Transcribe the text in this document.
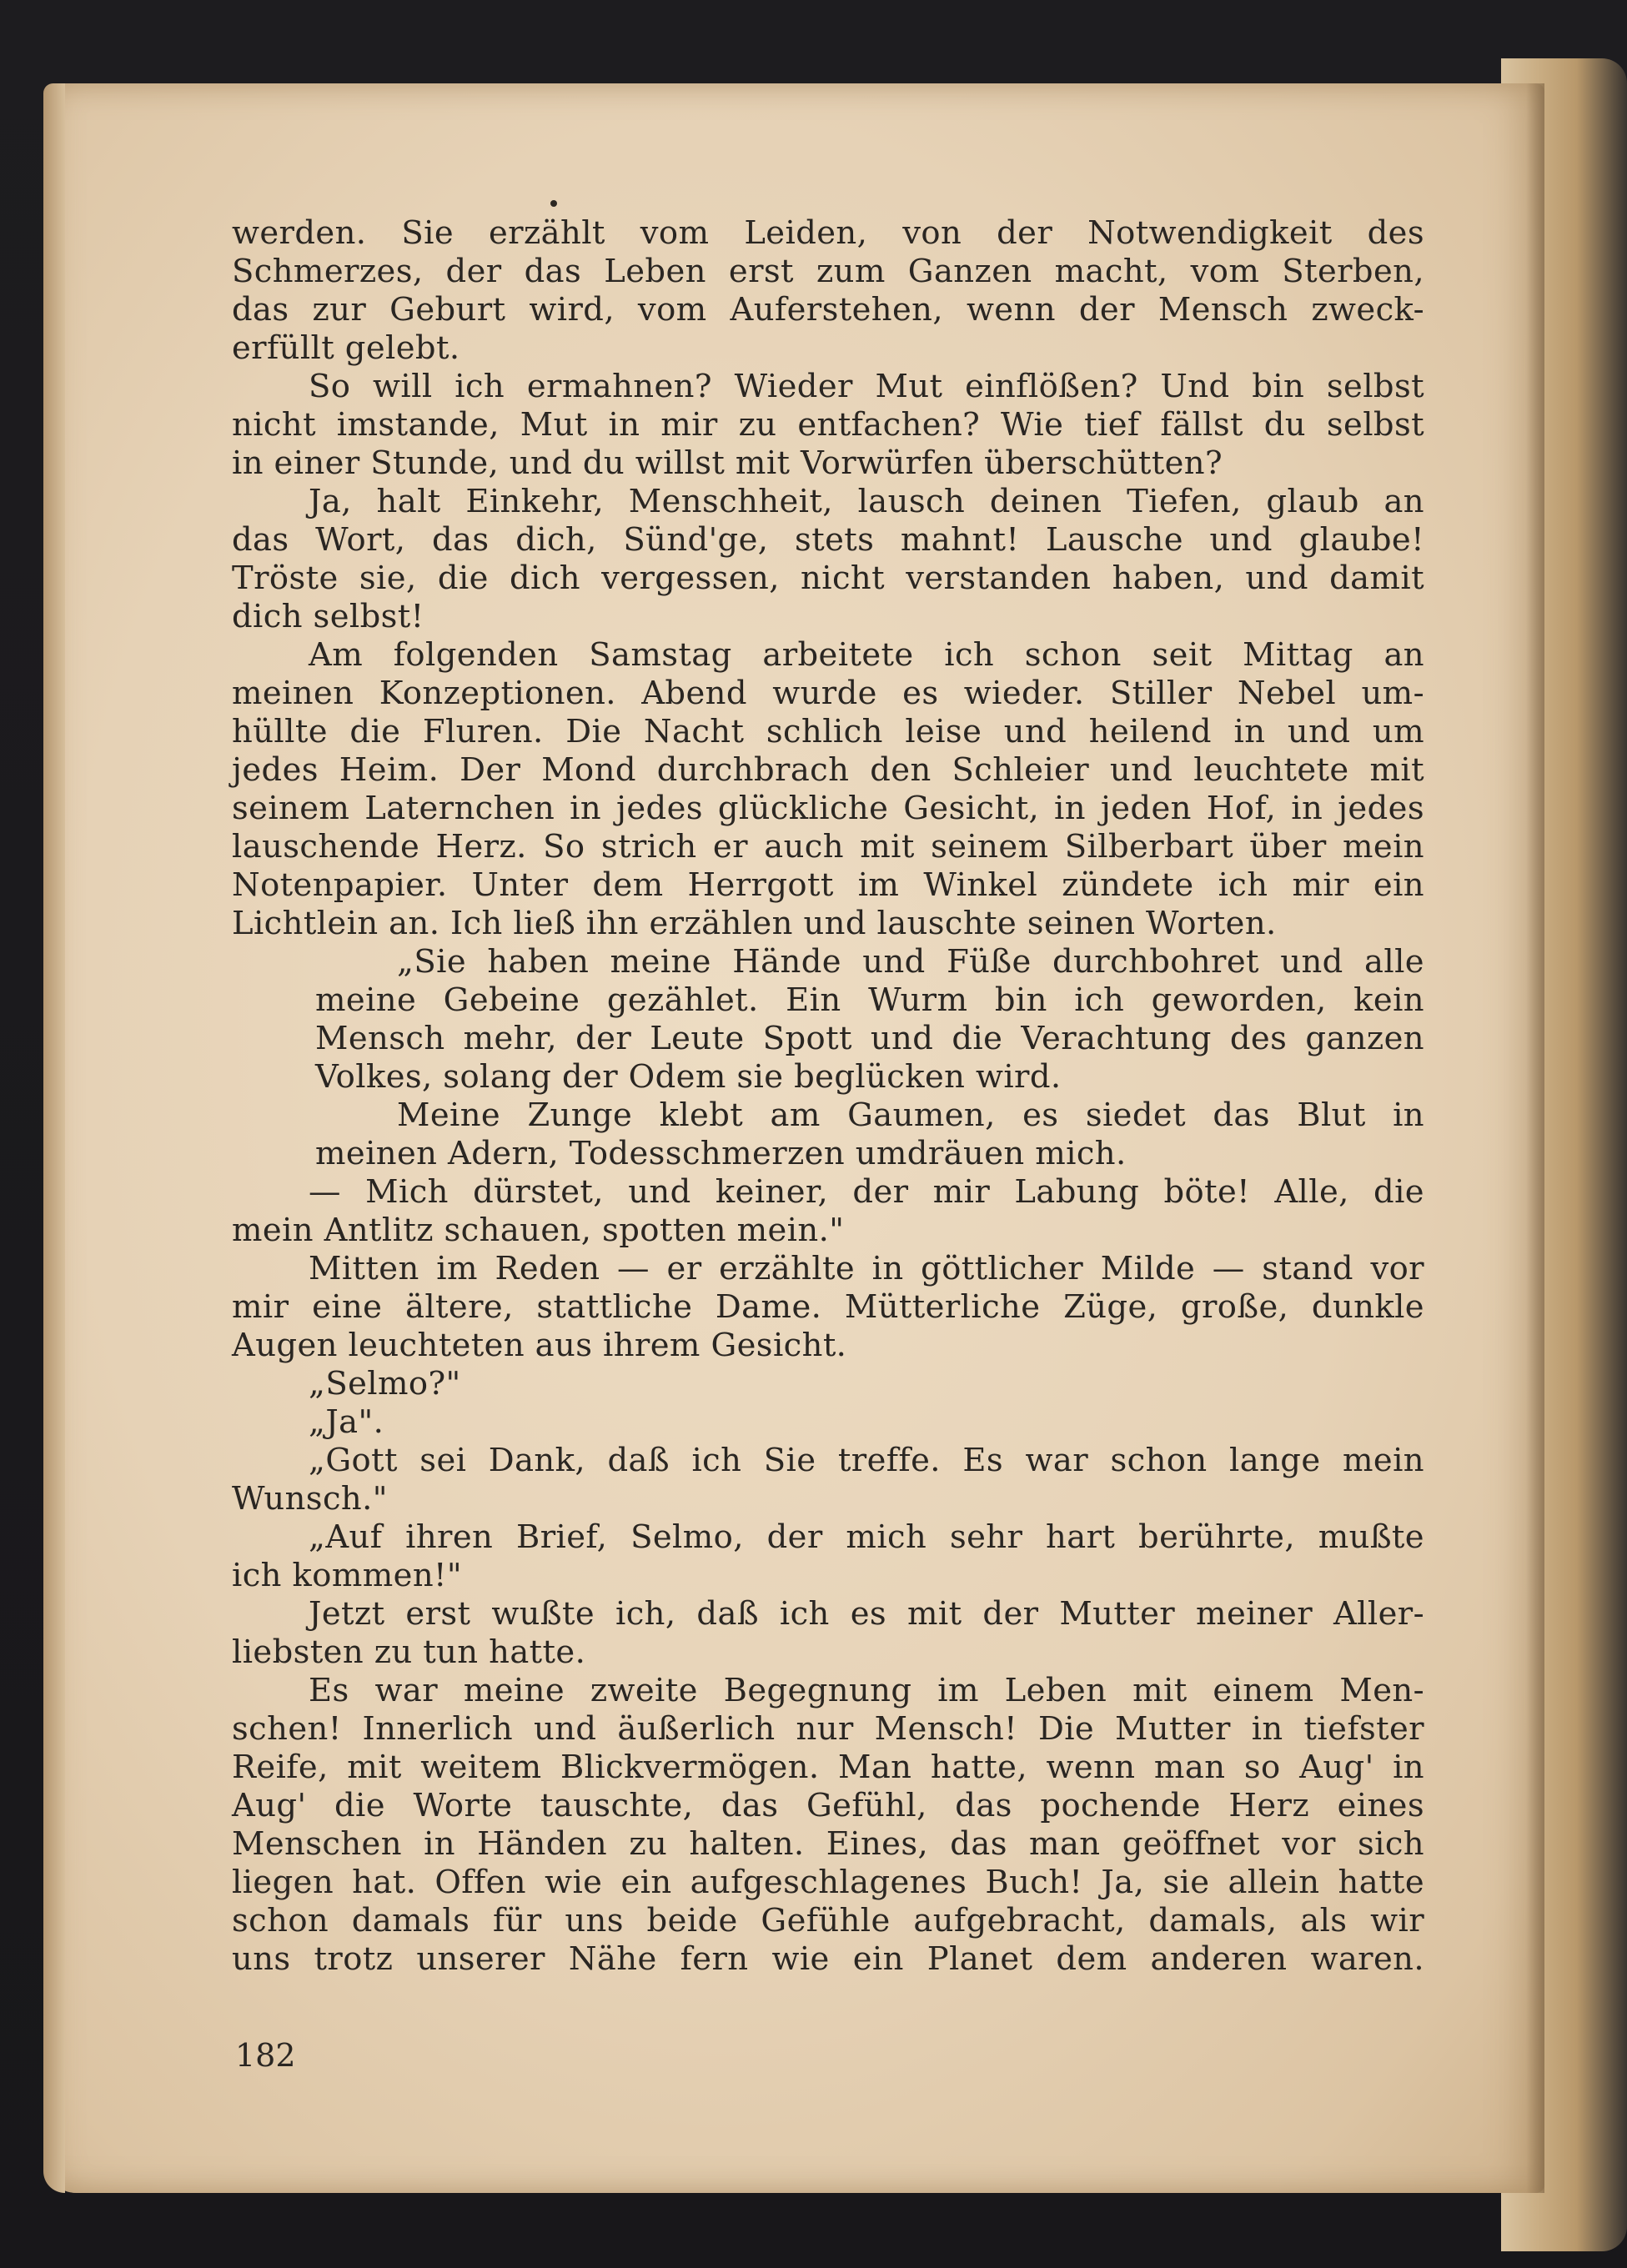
werden. Sie erzählt vom Leiden, von der Notwendigkeit des
Schmerzes, der das Leben erst zum Ganzen macht, vom Sterben,
das zur Geburt wird, vom Auferstehen, wenn der Mensch zweck-
erfüllt gelebt.
So will ich ermahnen? Wieder Mut einflößen? Und bin selbst
nicht imstande, Mut in mir zu entfachen? Wie tief fällst du selbst
in einer Stunde, und du willst mit Vorwürfen überschütten?
Ja, halt Einkehr, Menschheit, lausch deinen Tiefen, glaub an
das Wort, das dich, Sünd'ge, stets mahnt! Lausche und glaube!
Tröste sie, die dich vergessen, nicht verstanden haben, und damit
dich selbst!
Am folgenden Samstag arbeitete ich schon seit Mittag an
meinen Konzeptionen. Abend wurde es wieder. Stiller Nebel um-
hüllte die Fluren. Die Nacht schlich leise und heilend in und um
jedes Heim. Der Mond durchbrach den Schleier und leuchtete mit
seinem Laternchen in jedes glückliche Gesicht, in jeden Hof, in jedes
lauschende Herz. So strich er auch mit seinem Silberbart über mein
Notenpapier. Unter dem Herrgott im Winkel zündete ich mir ein
Lichtlein an. Ich ließ ihn erzählen und lauschte seinen Worten.
„Sie haben meine Hände und Füße durchbohret und alle
meine Gebeine gezählet. Ein Wurm bin ich geworden, kein
Mensch mehr, der Leute Spott und die Verachtung des ganzen
Volkes, solang der Odem sie beglücken wird.
Meine Zunge klebt am Gaumen, es siedet das Blut in
meinen Adern, Todesschmerzen umdräuen mich.
— Mich dürstet, und keiner, der mir Labung böte! Alle, die
mein Antlitz schauen, spotten mein."
Mitten im Reden — er erzählte in göttlicher Milde — stand vor
mir eine ältere, stattliche Dame. Mütterliche Züge, große, dunkle
Augen leuchteten aus ihrem Gesicht.
„Selmo?"
„Ja".
„Gott sei Dank, daß ich Sie treffe. Es war schon lange mein
Wunsch."
„Auf ihren Brief, Selmo, der mich sehr hart berührte, mußte
ich kommen!"
Jetzt erst wußte ich, daß ich es mit der Mutter meiner Aller-
liebsten zu tun hatte.
Es war meine zweite Begegnung im Leben mit einem Men-
schen! Innerlich und äußerlich nur Mensch! Die Mutter in tiefster
Reife, mit weitem Blickvermögen. Man hatte, wenn man so Aug' in
Aug' die Worte tauschte, das Gefühl, das pochende Herz eines
Menschen in Händen zu halten. Eines, das man geöffnet vor sich
liegen hat. Offen wie ein aufgeschlagenes Buch! Ja, sie allein hatte
schon damals für uns beide Gefühle aufgebracht, damals, als wir
uns trotz unserer Nähe fern wie ein Planet dem anderen waren.

182
